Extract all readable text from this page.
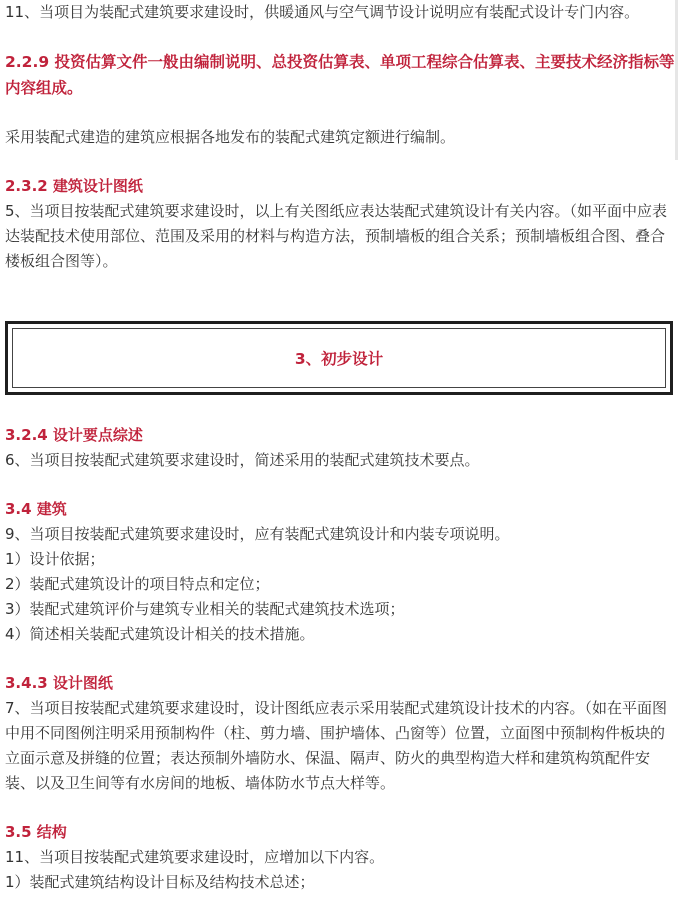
11、当项目为装配式建筑要求建设时，供暖通风与空气调节设计说明应有装配式设计专门内容。

2.2.9 投资估算文件一般由编制说明、总投资估算表、单项工程综合估算表、主要技术经济指标等内容组成。

采用装配式建造的建筑应根据各地发布的装配式建筑定额进行编制。

2.3.2 建筑设计图纸

5、当项目按装配式建筑要求建设时，以上有关图纸应表达装配式建筑设计有关内容。（如平面中应表达装配技术使用部位、范围及采用的材料与构造方法，预制墙板的组合关系；预制墙板组合图、叠合楼板组合图等）。

3、初步设计

3.2.4 设计要点综述

6、当项目按装配式建筑要求建设时，简述采用的装配式建筑技术要点。

3.4 建筑

9、当项目按装配式建筑要求建设时，应有装配式建筑设计和内装专项说明。

1）设计依据；

2）装配式建筑设计的项目特点和定位；

3）装配式建筑评价与建筑专业相关的装配式建筑技术选项；

4）简述相关装配式建筑设计相关的技术措施。

3.4.3 设计图纸

7、当项目按装配式建筑要求建设时，设计图纸应表示采用装配式建筑设计技术的内容。（如在平面图中用不同图例注明采用预制构件（柱、剪力墙、围护墙体、凸窗等）位置，立面图中预制构件板块的立面示意及拼缝的位置；表达预制外墙防水、保温、隔声、防火的典型构造大样和建筑构筑配件安装、以及卫生间等有水房间的地板、墙体防水节点大样等。

3.5 结构

11、当项目按装配式建筑要求建设时，应增加以下内容。

1）装配式建筑结构设计目标及结构技术总述；
